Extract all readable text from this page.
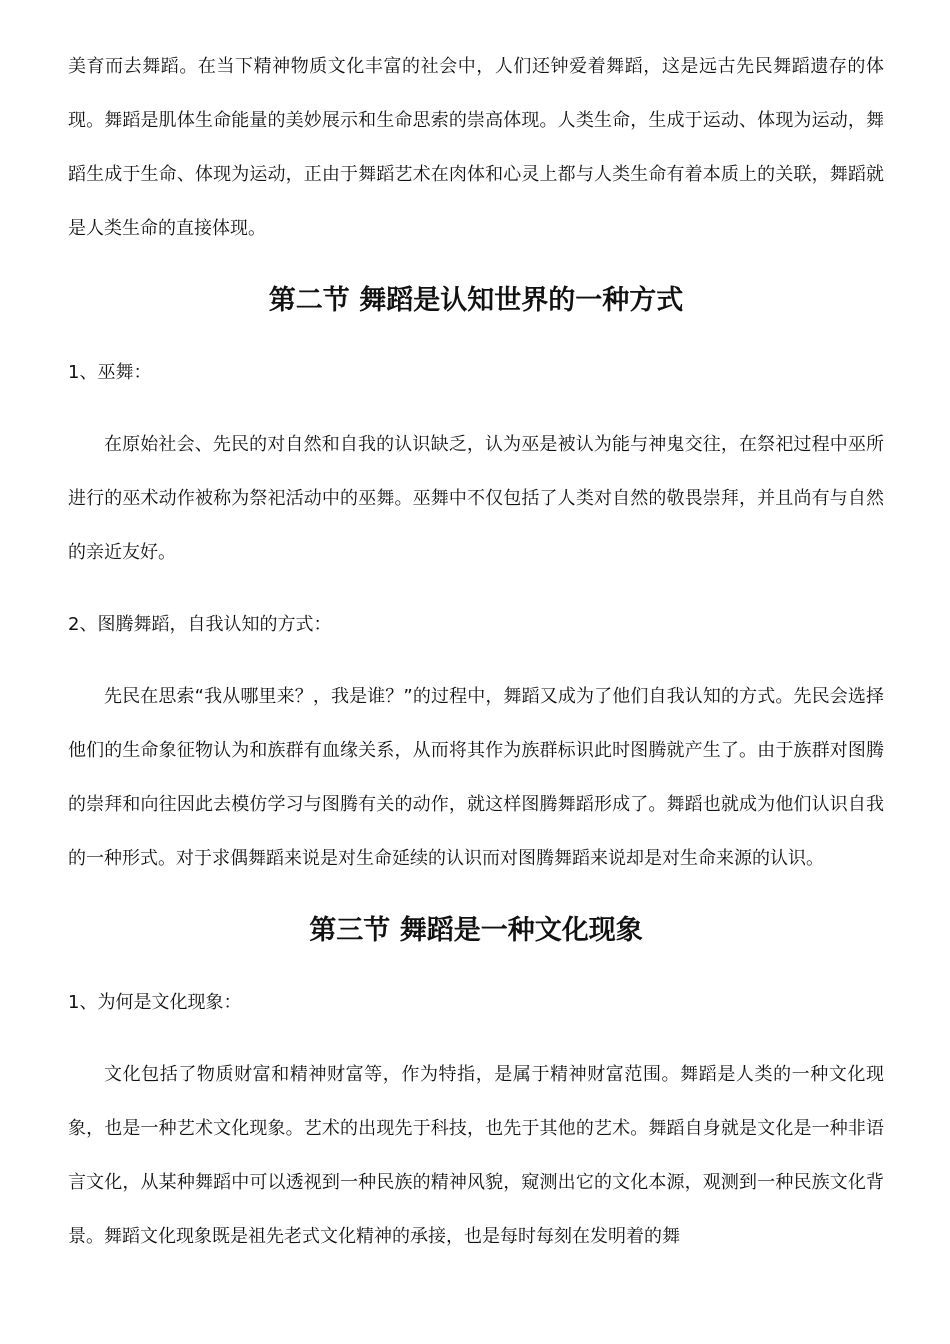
美育而去舞蹈。在当下精神物质文化丰富的社会中，人们还钟爱着舞蹈，这是远古先民舞蹈遗存的体现。舞蹈是肌体生命能量的美妙展示和生命思索的崇高体现。人类生命，生成于运动、体现为运动，舞蹈生成于生命、体现为运动，正由于舞蹈艺术在肉体和心灵上都与人类生命有着本质上的关联，舞蹈就是人类生命的直接体现。

第二节 舞蹈是认知世界的一种方式

1、巫舞：

在原始社会、先民的对自然和自我的认识缺乏，认为巫是被认为能与神鬼交往，在祭祀过程中巫所进行的巫术动作被称为祭祀活动中的巫舞。巫舞中不仅包括了人类对自然的敬畏崇拜，并且尚有与自然的亲近友好。

2、图腾舞蹈，自我认知的方式：

先民在思索“我从哪里来？，我是谁？”的过程中，舞蹈又成为了他们自我认知的方式。先民会选择他们的生命象征物认为和族群有血缘关系，从而将其作为族群标识此时图腾就产生了。由于族群对图腾的崇拜和向往因此去模仿学习与图腾有关的动作，就这样图腾舞蹈形成了。舞蹈也就成为他们认识自我的一种形式。对于求偶舞蹈来说是对生命延续的认识而对图腾舞蹈来说却是对生命来源的认识。

第三节 舞蹈是一种文化现象

1、为何是文化现象：

文化包括了物质财富和精神财富等，作为特指，是属于精神财富范围。舞蹈是人类的一种文化现象，也是一种艺术文化现象。艺术的出现先于科技，也先于其他的艺术。舞蹈自身就是文化是一种非语言文化，从某种舞蹈中可以透视到一种民族的精神风貌，窥测出它的文化本源，观测到一种民族文化背景。舞蹈文化现象既是祖先老式文化精神的承接，也是每时每刻在发明着的舞
